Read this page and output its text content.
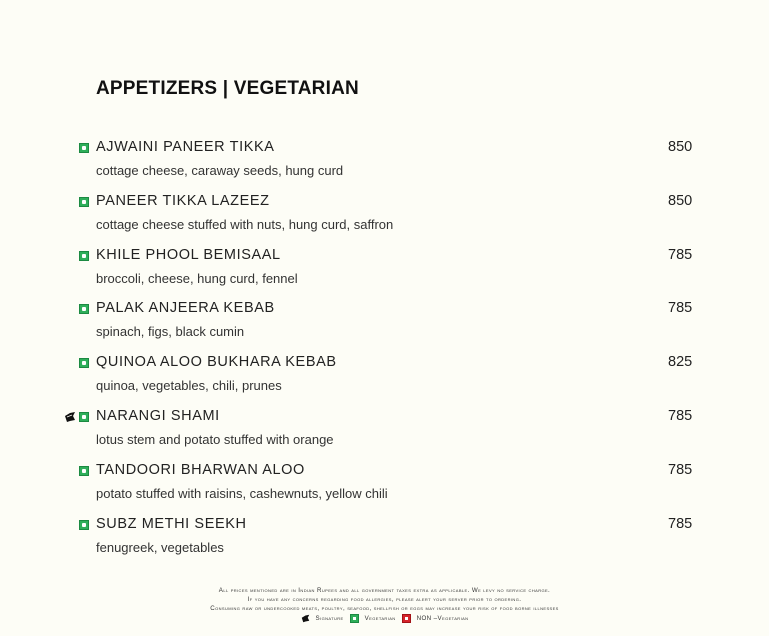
APPETIZERS | VEGETARIAN
AJWAINI PANEER TIKKA
cottage cheese, caraway seeds, hung curd
850
PANEER TIKKA LAZEEZ
cottage cheese stuffed with nuts, hung curd, saffron
850
KHILE PHOOL BEMISAAL
broccoli, cheese, hung curd, fennel
785
PALAK ANJEERA KEBAB
spinach, figs, black cumin
785
QUINOA ALOO BUKHARA KEBAB
quinoa, vegetables, chili, prunes
825
NARANGI SHAMI
lotus stem and potato stuffed with orange
785
TANDOORI BHARWAN ALOO
potato stuffed with raisins, cashewnuts, yellow chili
785
SUBZ METHI SEEKH
fenugreek, vegetables
785
All prices mentioned are in Indian Rupees and all government taxes extra as applicable. We levy no service charge.
If you have any concerns regarding food allergies, please alert your server prior to ordering.
Consuming raw or undercooked meats, poultry, seafood, shellfish or eggs may increase your risk of food borne illnesses
Signature	Vegetarian	NON –Vegetarian
